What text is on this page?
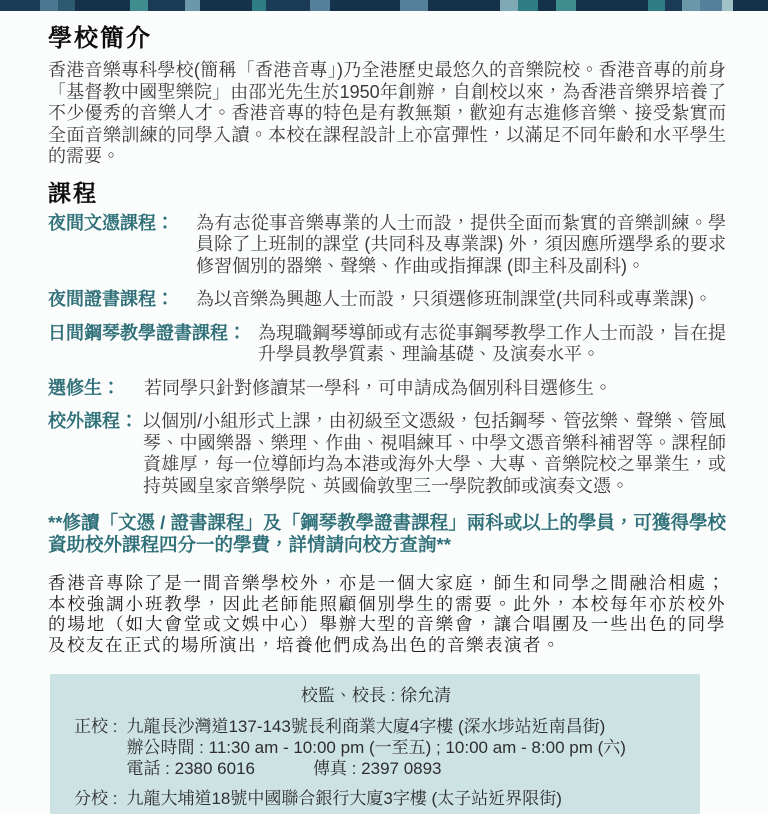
學校簡介

香港音樂專科學校(簡稱「香港音專」)乃全港歷史最悠久的音樂院校。香港音專的前身「基督教中國聖樂院」由邵光先生於1950年創辦，自創校以來，為香港音樂界培養了不少優秀的音樂人才。香港音專的特色是有教無類，歡迎有志進修音樂、接受紮實而全面音樂訓練的同學入讀。本校在課程設計上亦富彈性，以滿足不同年齡和水平學生的需要。

課程
夜間文憑課程： 為有志從事音樂專業的人士而設，提供全面而紮實的音樂訓練。學員除了上班制的課堂 (共同科及專業課) 外，須因應所選學系的要求修習個別的器樂、聲樂、作曲或指揮課 (即主科及副科)。
夜間證書課程： 為以音樂為興趣人士而設，只須選修班制課堂(共同科或專業課)。
日間鋼琴教學證書課程： 為現職鋼琴導師或有志從事鋼琴教學工作人士而設，旨在提升學員教學質素、理論基礎、及演奏水平。
選修生： 若同學只針對修讀某一學科，可申請成為個別科目選修生。
校外課程： 以個別/小組形式上課，由初級至文憑級，包括鋼琴、管弦樂、聲樂、管風琴、中國樂器、樂理、作曲、視唱練耳、中學文憑音樂科補習等。課程師資雄厚，每一位導師均為本港或海外大學、大專、音樂院校之畢業生，或持英國皇家音樂學院、英國倫敦聖三一學院教師或演奏文憑。

**修讀「文憑 / 證書課程」及「鋼琴教學證書課程」兩科或以上的學員，可獲得學校資助校外課程四分一的學費，詳情請向校方查詢**

香港音專除了是一間音樂學校外，亦是一個大家庭，師生和同學之間融洽相處；本校強調小班教學，因此老師能照顧個別學生的需要。此外，本校每年亦於校外的場地（如大會堂或文娛中心）舉辦大型的音樂會，讓合唱團及一些出色的同學及校友在正式的場所演出，培養他們成為出色的音樂表演者。

校監、校長 : 徐允清
正校 : 九龍長沙灣道137-143號長利商業大廈4字樓 (深水埗站近南昌街)
辦公時間 : 11:30 am - 10:00 pm (一至五) ; 10:00 am - 8:00 pm (六)
電話 : 2380 6016	傳真 : 2397 0893
分校 : 九龍大埔道18號中國聯合銀行大廈3字樓 (太子站近界限街)
